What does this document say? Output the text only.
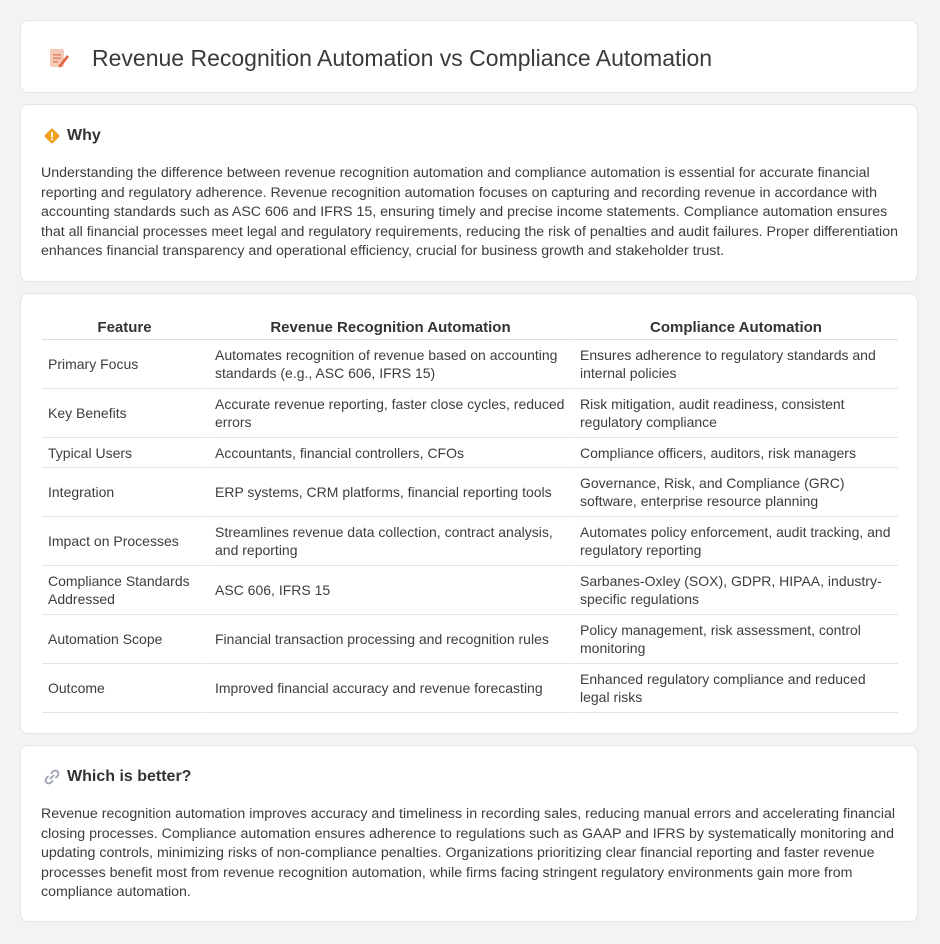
Revenue Recognition Automation vs Compliance Automation
Why

Understanding the difference between revenue recognition automation and compliance automation is essential for accurate financial reporting and regulatory adherence. Revenue recognition automation focuses on capturing and recording revenue in accordance with accounting standards such as ASC 606 and IFRS 15, ensuring timely and precise income statements. Compliance automation ensures that all financial processes meet legal and regulatory requirements, reducing the risk of penalties and audit failures. Proper differentiation enhances financial transparency and operational efficiency, crucial for business growth and stakeholder trust.

Feature	Revenue Recognition Automation	Compliance Automation
Primary Focus	Automates recognition of revenue based on accounting standards (e.g., ASC 606, IFRS 15)	Ensures adherence to regulatory standards and internal policies
Key Benefits	Accurate revenue reporting, faster close cycles, reduced errors	Risk mitigation, audit readiness, consistent regulatory compliance
Typical Users	Accountants, financial controllers, CFOs	Compliance officers, auditors, risk managers
Integration	ERP systems, CRM platforms, financial reporting tools	Governance, Risk, and Compliance (GRC) software, enterprise resource planning
Impact on Processes	Streamlines revenue data collection, contract analysis, and reporting	Automates policy enforcement, audit tracking, and regulatory reporting
Compliance Standards Addressed	ASC 606, IFRS 15	Sarbanes-Oxley (SOX), GDPR, HIPAA, industry-specific regulations
Automation Scope	Financial transaction processing and recognition rules	Policy management, risk assessment, control monitoring
Outcome	Improved financial accuracy and revenue forecasting	Enhanced regulatory compliance and reduced legal risks
Which is better?

Revenue recognition automation improves accuracy and timeliness in recording sales, reducing manual errors and accelerating financial closing processes. Compliance automation ensures adherence to regulations such as GAAP and IFRS by systematically monitoring and updating controls, minimizing risks of non-compliance penalties. Organizations prioritizing clear financial reporting and faster revenue processes benefit most from revenue recognition automation, while firms facing stringent regulatory environments gain more from compliance automation.
